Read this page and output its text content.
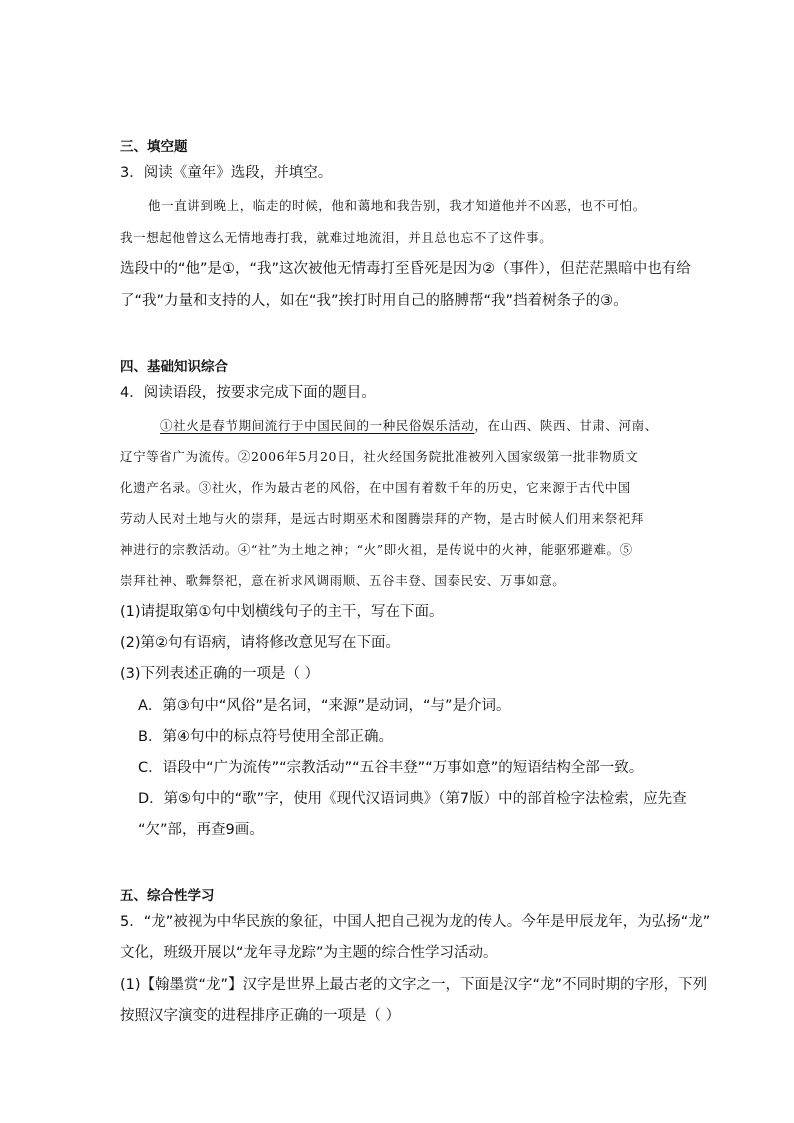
三、填空题
3．阅读《童年》选段，并填空。
他一直讲到晚上，临走的时候，他和蔼地和我告别，我才知道他并不凶恶，也不可怕。
我一想起他曾这么无情地毒打我，就难过地流泪，并且总也忘不了这件事。
选段中的“他”是①，“我”这次被他无情毒打至昏死是因为②（事件），但茫茫黑暗中也有给
了“我”力量和支持的人，如在“我”挨打时用自己的胳膊帮“我”挡着树条子的③。
四、基础知识综合
4．阅读语段，按要求完成下面的题目。
①社火是春节期间流行于中国民间的一种民俗娱乐活动，在山西、陕西、甘肃、河南、
辽宁等省广为流传。②2006年5月20日，社火经国务院批准被列入国家级第一批非物质文
化遗产名录。③社火，作为最古老的风俗，在中国有着数千年的历史，它来源于古代中国
劳动人民对土地与火的崇拜，是远古时期巫术和图腾崇拜的产物，是古时候人们用来祭祀拜
神进行的宗教活动。④“社”为土地之神；“火”即火祖，是传说中的火神，能驱邪避难。⑤
崇拜社神、歌舞祭祀，意在祈求风调雨顺、五谷丰登、国泰民安、万事如意。
(1)请提取第①句中划横线句子的主干，写在下面。
(2)第②句有语病，请将修改意见写在下面。
(3)下列表述正确的一项是（ ）
A．第③句中“风俗”是名词，“来源”是动词，“与”是介词。
B．第④句中的标点符号使用全部正确。
C．语段中“广为流传”“宗教活动”“五谷丰登”“万事如意”的短语结构全部一致。
D．第⑤句中的“歌”字，使用《现代汉语词典》（第7版）中的部首检字法检索，应先查
“欠”部，再查9画。
五、综合性学习
5．“龙”被视为中华民族的象征，中国人把自己视为龙的传人。今年是甲辰龙年，为弘扬“龙”
文化，班级开展以“龙年寻龙踪”为主题的综合性学习活动。
(1)【翰墨赏“龙”】汉字是世界上最古老的文字之一，下面是汉字“龙”不同时期的字形，下列
按照汉字演变的进程排序正确的一项是（ ）
